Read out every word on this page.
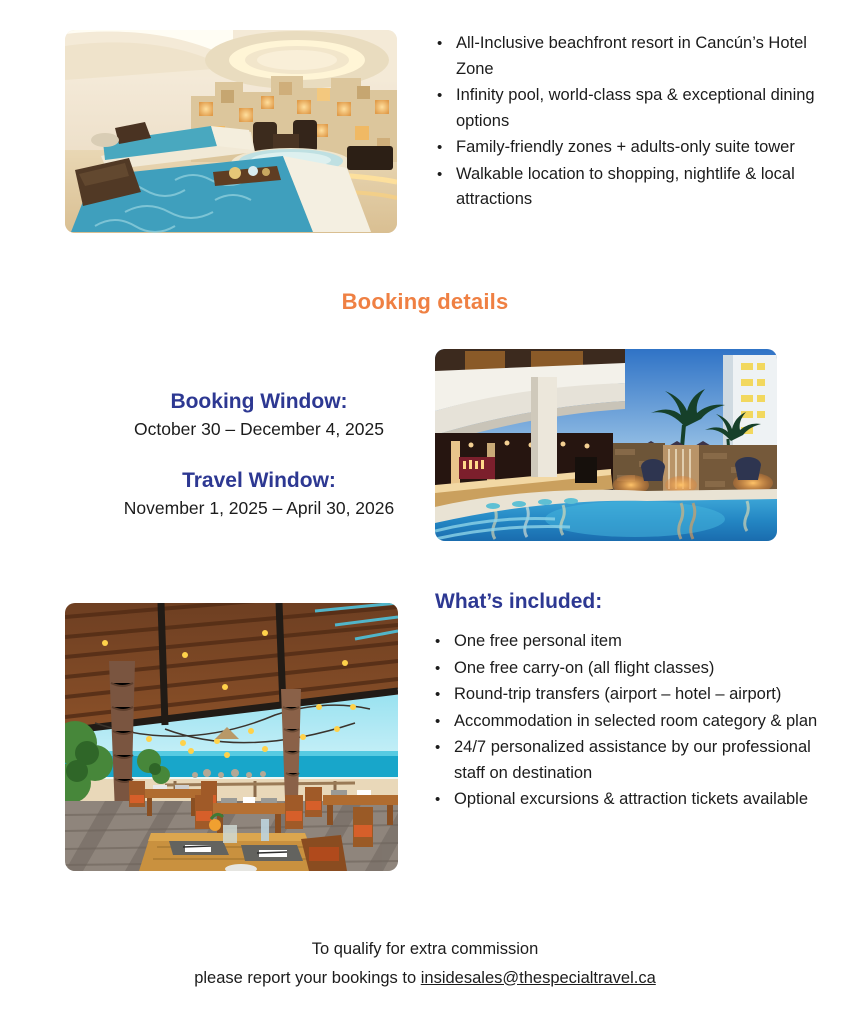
•
All-Inclusive beachfront resort in Cancún’s Hotel Zone
•
Infinity pool, world-class spa & exceptional dining options
•
Family-friendly zones + adults-only suite tower
•
Walkable location to shopping, nightlife & local attractions
Booking details
Booking Window:
October 30 – December 4, 2025
Travel Window:
November 1, 2025 – April 30, 2026
What’s included:
•
One free personal item
•
One free carry-on (all flight classes)
•
Round-trip transfers (airport – hotel – airport)
•
Accommodation in selected room category & plan
•
24/7 personalized assistance by our professional staff on destination
•
Optional excursions & attraction tickets available
To qualify for extra commission
please report your bookings to insidesales@thespecialtravel.ca
